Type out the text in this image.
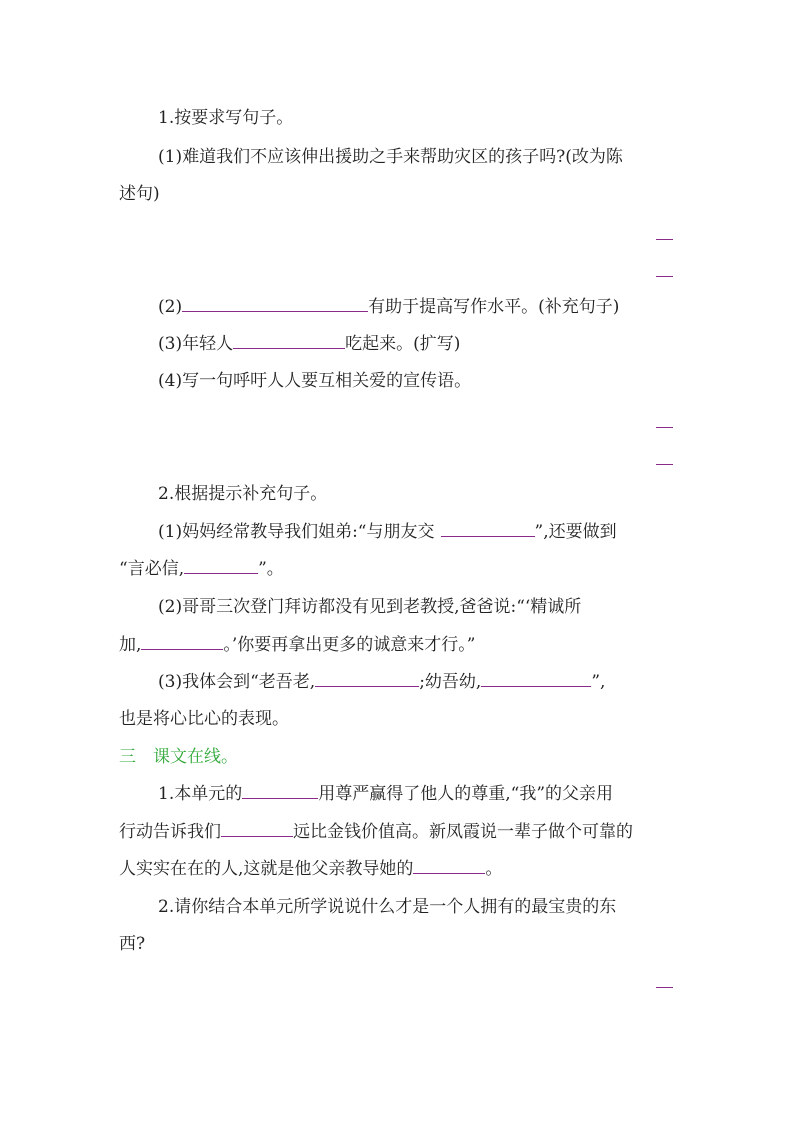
1.按要求写句子。
(1)难道我们不应该伸出援助之手来帮助灾区的孩子吗?(改为陈
述句)
(2)	有助于提高写作水平。(补充句子)
(3)年轻人	吃起来。(扩写)
(4)写一句呼吁人人要互相关爱的宣传语。
2.根据提示补充句子。
(1)妈妈经常教导我们姐弟:“与朋友交	”,还要做到
“言必信,	”。
(2)哥哥三次登门拜访都没有见到老教授,爸爸说:“‘精诚所
加,	。’你要再拿出更多的诚意来才行。”
(3)我体会到“老吾老,	;幼吾幼,	”,
也是将心比心的表现。
三　课文在线。
1.本单元的	用尊严赢得了他人的尊重,“我”的父亲用
行动告诉我们	远比金钱价值高。新凤霞说一辈子做个可靠的
人实实在在的人,这就是他父亲教导她的	。
2.请你结合本单元所学说说什么才是一个人拥有的最宝贵的东
西?
